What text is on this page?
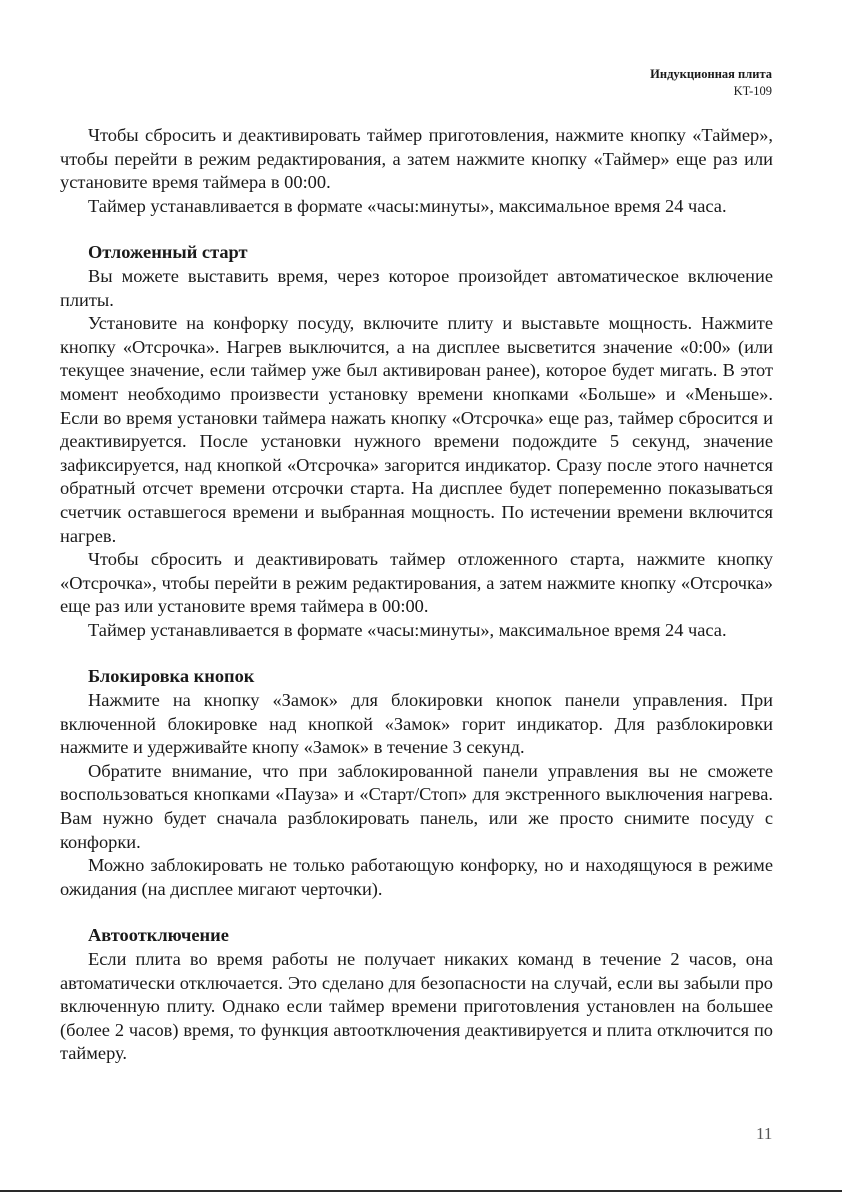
Индукционная плита
KT-109

Чтобы сбросить и деактивировать таймер приготовления, нажмите кнопку «Таймер», чтобы перейти в режим редактирования, а затем нажмите кнопку «Таймер» еще раз или установите время таймера в 00:00.

Таймер устанавливается в формате «часы:минуты», максимальное время 24 часа.

Отложенный старт

Вы можете выставить время, через которое произойдет автоматическое включение плиты.

Установите на конфорку посуду, включите плиту и выставьте мощность. Нажмите кнопку «Отсрочка». Нагрев выключится, а на дисплее высветится значение «0:00» (или текущее значение, если таймер уже был активирован ранее), которое будет мигать. В этот момент необходимо произвести установку времени кнопками «Больше» и «Меньше». Если во время установки таймера нажать кнопку «Отсрочка» еще раз, таймер сбросится и деактивируется. После установки нужного времени подождите 5 секунд, значение зафиксируется, над кнопкой «Отсрочка» загорится индикатор. Сразу после этого начнется обратный отсчет времени отсрочки старта. На дисплее будет попеременно показываться счетчик оставшегося времени и выбранная мощность. По истечении времени включится нагрев.

Чтобы сбросить и деактивировать таймер отложенного старта, нажмите кнопку «Отсрочка», чтобы перейти в режим редактирования, а затем нажмите кнопку «Отсрочка» еще раз или установите время таймера в 00:00.

Таймер устанавливается в формате «часы:минуты», максимальное время 24 часа.

Блокировка кнопок

Нажмите на кнопку «Замок» для блокировки кнопок панели управления. При включенной блокировке над кнопкой «Замок» горит индикатор. Для разблокировки нажмите и удерживайте кнопу «Замок» в течение 3 секунд.

Обратите внимание, что при заблокированной панели управления вы не сможете воспользоваться кнопками «Пауза» и «Старт/Стоп» для экстренного выключения нагрева. Вам нужно будет сначала разблокировать панель, или же просто снимите посуду с конфорки.

Можно заблокировать не только работающую конфорку, но и находящуюся в режиме ожидания (на дисплее мигают черточки).

Автоотключение

Если плита во время работы не получает никаких команд в течение 2 часов, она автоматически отключается. Это сделано для безопасности на случай, если вы забыли про включенную плиту. Однако если таймер времени приготовления установлен на большее (более 2 часов) время, то функция автоотключения деактивируется и плита отключится по таймеру.

11
